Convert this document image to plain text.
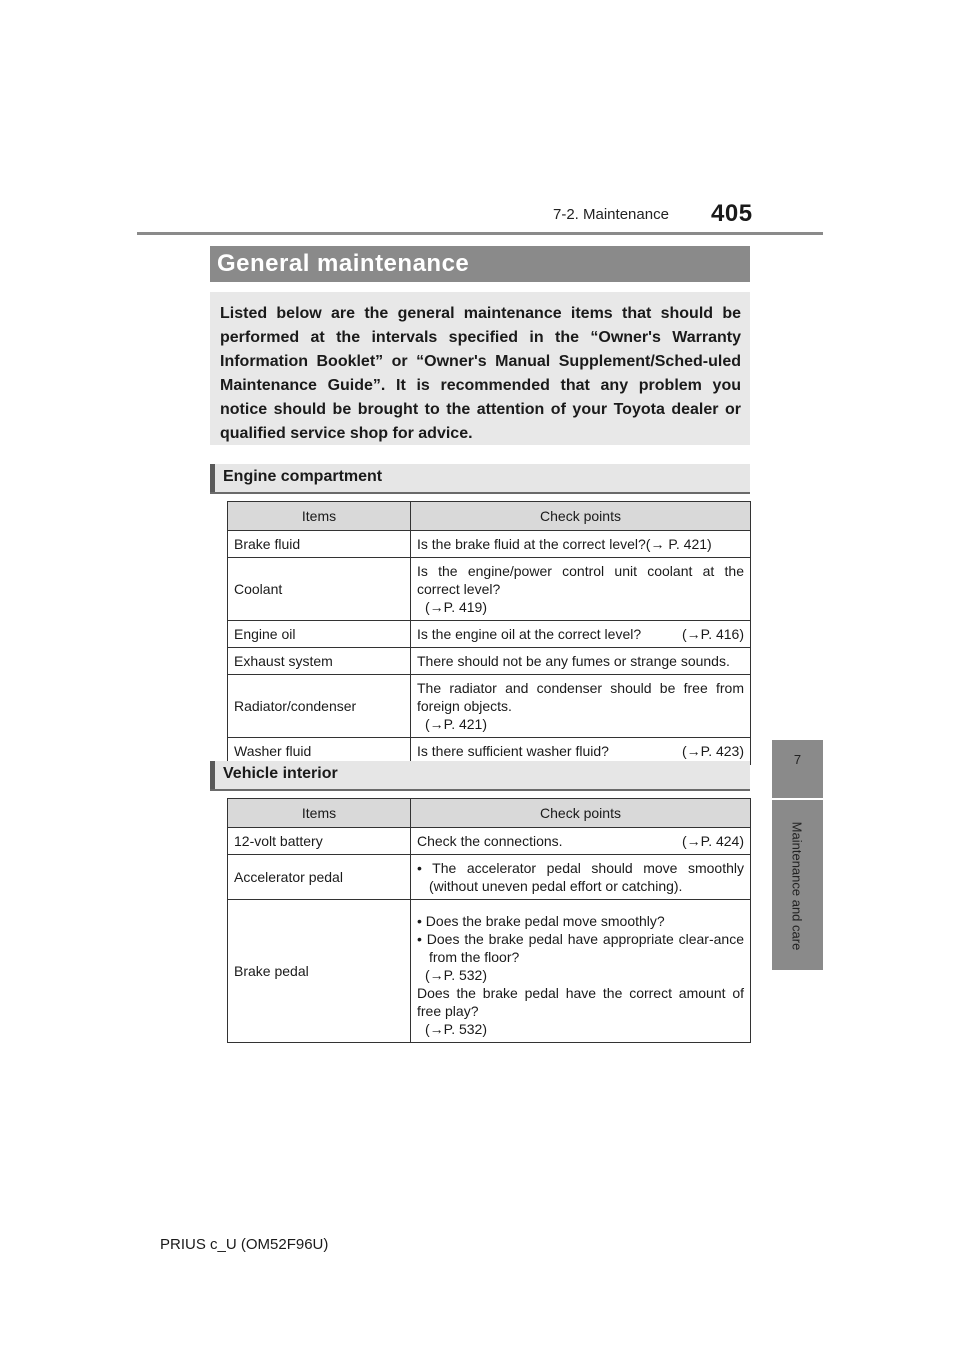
7-2. Maintenance 405
7
Maintenance and care
General maintenance
Listed below are the general maintenance items that should be performed at the intervals specified in the “Owner's Warranty Information Booklet” or “Owner's Manual Supplement/Sched-uled Maintenance Guide”. It is recommended that any problem you notice should be brought to the attention of your Toyota dealer or qualified service shop for advice.
Engine compartment
Items	Check points
Brake fluid	Is the brake fluid at the correct level?(→ P. 421)
Coolant	Is the engine/power control unit coolant at the correct level?
(→P. 419)

Engine oil	Is the engine oil at the correct level? (→P. 416)

Exhaust system	There should not be any fumes or strange sounds.
Radiator/condenser	The radiator and condenser should be free from foreign objects.
(→P. 421)

Washer fluid	Is there sufficient washer fluid? (→P. 423)
Vehicle interior
Items	Check points
12-volt battery	Check the connections. (→P. 424)

Accelerator pedal	• The accelerator pedal should move smoothly (without uneven pedal effort or catching).

Brake pedal	• Does the brake pedal move smoothly?
• Does the brake pedal have appropriate clear-ance from the floor?
(→P. 532)
Does the brake pedal have the correct amount of free play?
(→P. 532)
PRIUS c_U (OM52F96U)
